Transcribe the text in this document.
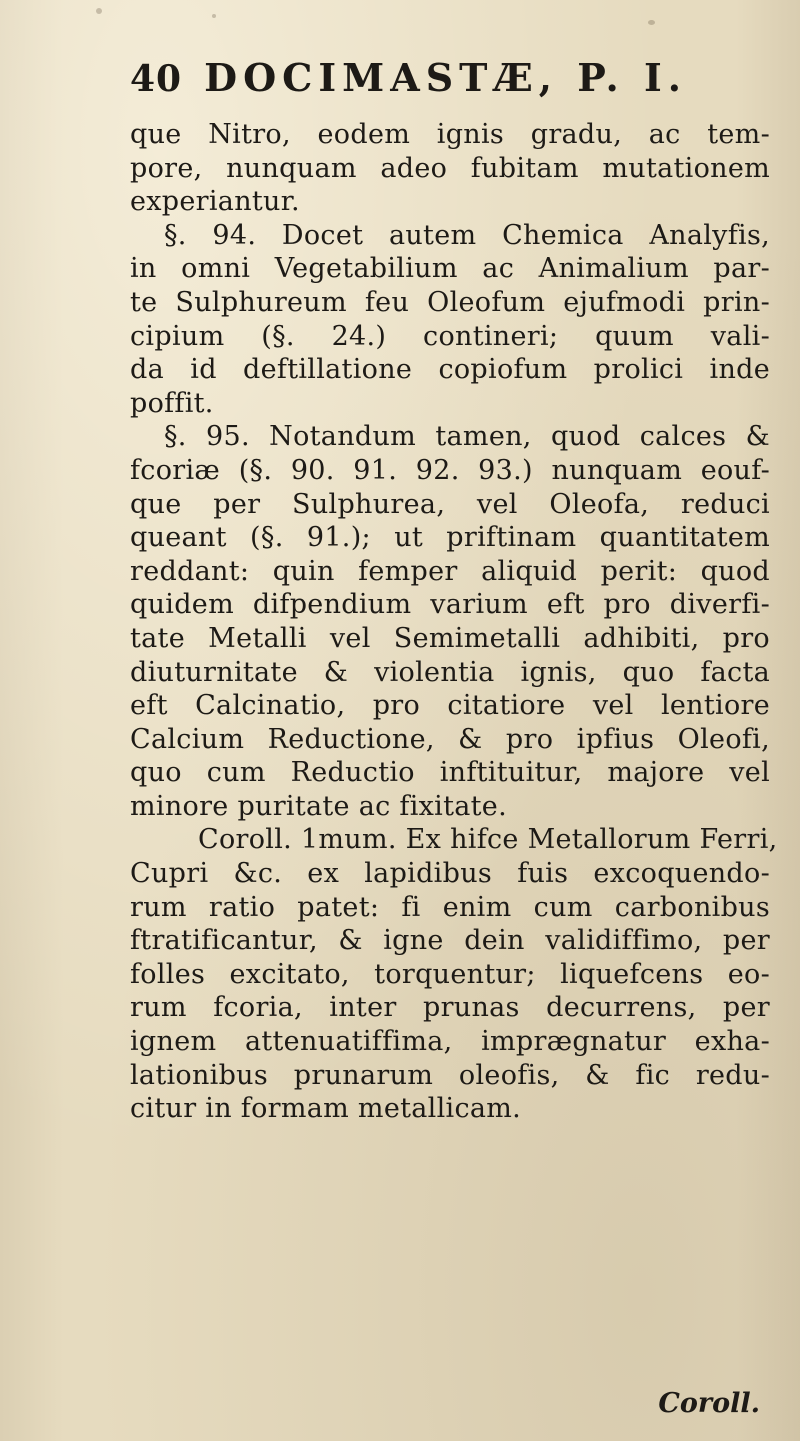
40 DOCIMASTÆ, P. I.
que Nitro, eodem ignis gradu, ac tem-
pore, nunquam adeo fubitam mutationem
experiantur.
§. 94. Docet autem Chemica Analyfis,
in omni Vegetabilium ac Animalium par-
te Sulphureum feu Oleofum ejufmodi prin-
cipium (§. 24.) contineri; quum vali-
da id deftillatione copiofum prolici inde
poffit.
§. 95. Notandum tamen, quod calces &
fcoriæ (§. 90. 91. 92. 93.) nunquam eouf-
que per Sulphurea, vel Oleofa, reduci
queant (§. 91.); ut priftinam quantitatem
reddant: quin femper aliquid perit: quod
quidem difpendium varium eft pro diverfi-
tate Metalli vel Semimetalli adhibiti, pro
diuturnitate & violentia ignis, quo facta
eft Calcinatio, pro citatiore vel lentiore
Calcium Reductione, & pro ipfius Oleofi,
quo cum Reductio inftituitur, majore vel
minore puritate ac fixitate.
Coroll. 1mum. Ex hifce Metallorum Ferri,
Cupri &c. ex lapidibus fuis excoquendo-
rum ratio patet: fi enim cum carbonibus
ftratificantur, & igne dein validiffimo, per
folles excitato, torquentur; liquefcens eo-
rum fcoria, inter prunas decurrens, per
ignem attenuatiffima, imprægnatur exha-
lationibus prunarum oleofis, & fic redu-
citur in formam metallicam.
Coroll.
